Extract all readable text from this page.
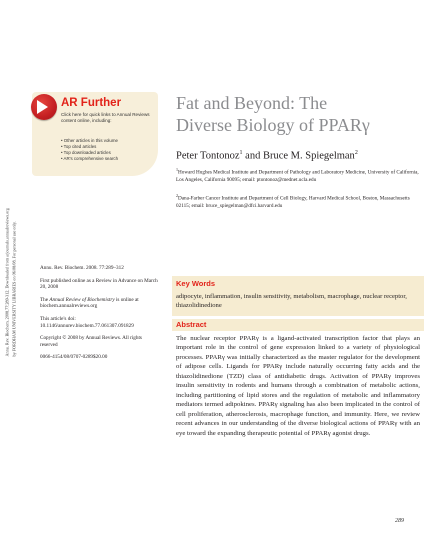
Annu. Rev. Biochem. 2008.77:289-312. Downloaded from arjournals.annualreviews.org by FORDHAM UNIVERSITY LIBRARIES on 06/08/08. For personal use only.
AR Further
Click here for quick links to Annual Reviews content online, including:
• Other articles in this volume
• Top cited articles
• Top downloaded articles
• AR's comprehensive search
Fat and Beyond: The
Diverse Biology of PPARγ
Peter Tontonoz$^1$ and Bruce M. Spiegelman$^2$
$^1$Howard Hughes Medical Institute and Department of Pathology and Laboratory Medicine, University of California, Los Angeles, California 90095; email: ptontonoz@mednet.ucla.edu
$^2$Dana-Farber Cancer Institute and Department of Cell Biology, Harvard Medical School, Boston, Massachusetts 02115; email: bruce_spiegelman@dfci.harvard.edu

Annu. Rev. Biochem. 2008. 77:289–312

First published online as a Review in Advance on March 20, 2008

The Annual Review of Biochemistry is online at biochem.annualreviews.org

This article's doi:
10.1146/annurev.biochem.77.061307.091829

Copyright © 2008 by Annual Reviews. All rights reserved

0066-4154/08/0707-0289$20.00

Key Words
adipocyte, inflammation, insulin sensitivity, metabolism, macrophage, nuclear receptor, thiazolidinedione
Abstract
The nuclear receptor PPARγ is a ligand-activated transcription factor that plays an important role in the control of gene expression linked to a variety of physiological processes. PPARγ was initially characterized as the master regulator for the development of adipose cells. Ligands for PPARγ include naturally occurring fatty acids and the thiazolidinedione (TZD) class of antidiabetic drugs. Activation of PPARγ improves insulin sensitivity in rodents and humans through a combination of metabolic actions, including partitioning of lipid stores and the regulation of metabolic and inflammatory mediators termed adipokines. PPARγ signaling has also been implicated in the control of cell proliferation, atherosclerosis, macrophage function, and immunity. Here, we review recent advances in our understanding of the diverse biological actions of PPARγ with an eye toward the expanding therapeutic potential of PPARγ agonist drugs.
289
